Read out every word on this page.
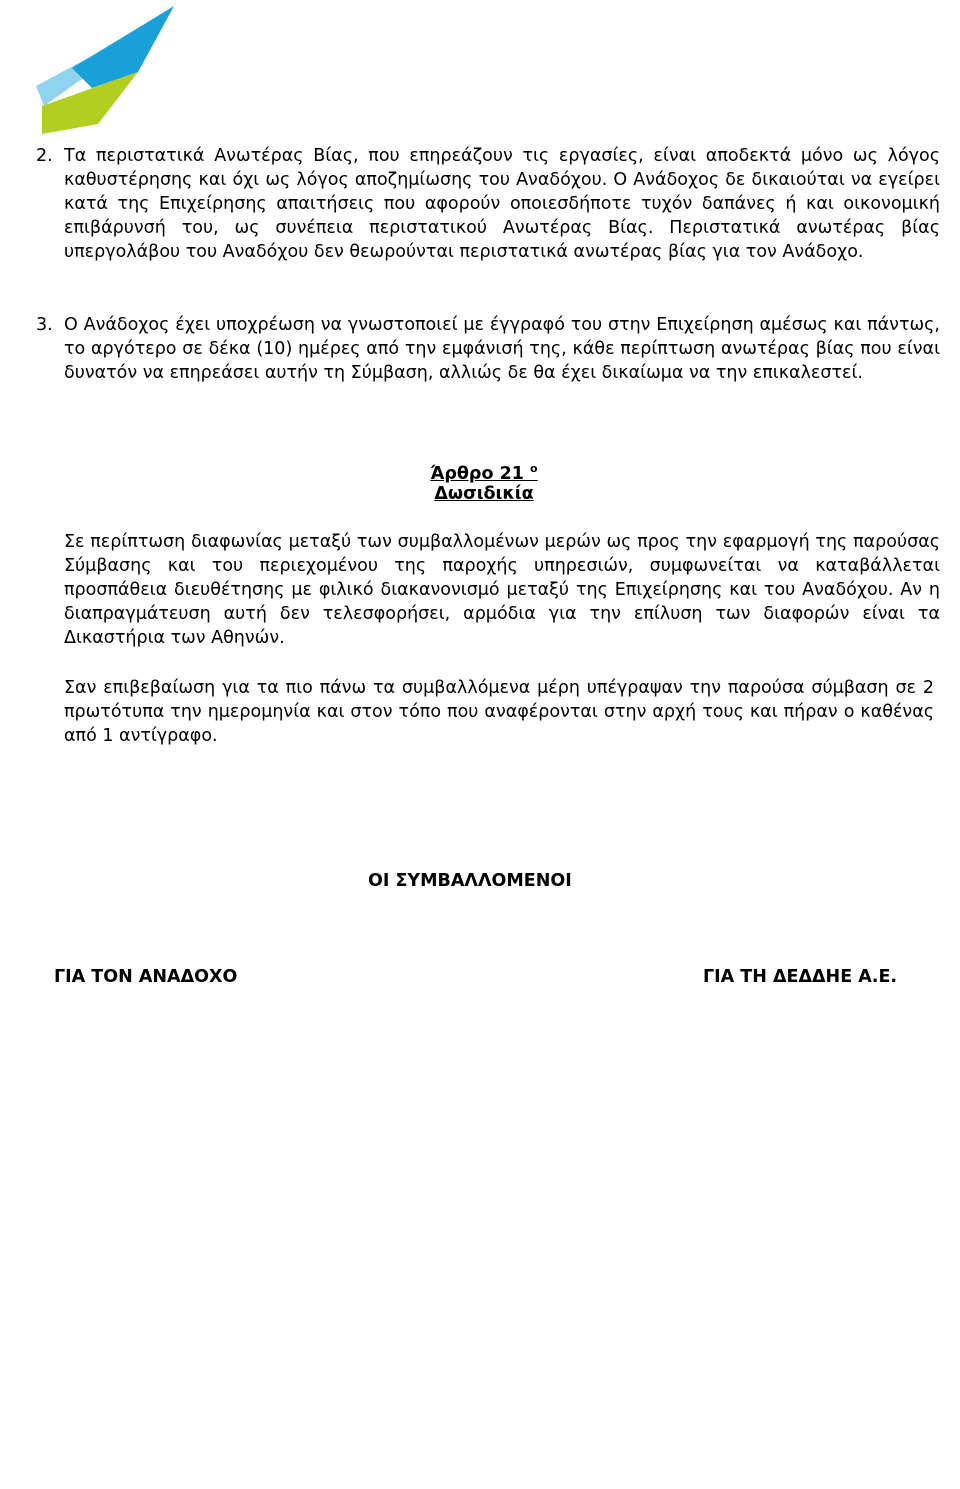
2. Τα περιστατικά Ανωτέρας Βίας, που επηρεάζουν τις εργασίες, είναι αποδεκτά μόνο ως λόγος καθυστέρησης και όχι ως λόγος αποζημίωσης του Αναδόχου. Ο Ανάδοχος δε δικαιούται να εγείρει κατά της Επιχείρησης απαιτήσεις που αφορούν οποιεσδήποτε τυχόν δαπάνες ή και οικονομική επιβάρυνσή του, ως συνέπεια περιστατικού Ανωτέρας Βίας. Περιστατικά ανωτέρας βίας υπεργολάβου του Αναδόχου δεν θεωρούνται περιστατικά ανωτέρας βίας για τον Ανάδοχο.
3. Ο Ανάδοχος έχει υποχρέωση να γνωστοποιεί με έγγραφό του στην Επιχείρηση αμέσως και πάντως, το αργότερο σε δέκα (10) ημέρες από την εμφάνισή της, κάθε περίπτωση ανωτέρας βίας που είναι δυνατόν να επηρεάσει αυτήν τη Σύμβαση, αλλιώς δε θα έχει δικαίωμα να την επικαλεστεί.
Άρθρο 21 $^o$
Δωσιδικία
Σε περίπτωση διαφωνίας μεταξύ των συμβαλλομένων μερών ως προς την εφαρμογή της παρούσας Σύμβασης και του περιεχομένου της παροχής υπηρεσιών, συμφωνείται να καταβάλλεται προσπάθεια διευθέτησης με φιλικό διακανονισμό μεταξύ της Επιχείρησης και του Αναδόχου. Αν η διαπραγμάτευση αυτή δεν τελεσφορήσει, αρμόδια για την επίλυση των διαφορών είναι τα Δικαστήρια των Αθηνών.
Σαν επιβεβαίωση για τα πιο πάνω τα συμβαλλόμενα μέρη υπέγραψαν την παρούσα σύμβαση σε 2 πρωτότυπα την ημερομηνία και στον τόπο που αναφέρονται στην αρχή τους και πήραν ο καθένας από 1 αντίγραφο.
ΟΙ ΣΥΜΒΑΛΛΟΜΕΝΟΙ
ΓΙΑ ΤΟΝ ΑΝΑΔΟΧΟ	ΓΙΑ ΤΗ ΔΕΔΔΗΕ Α.Ε.
